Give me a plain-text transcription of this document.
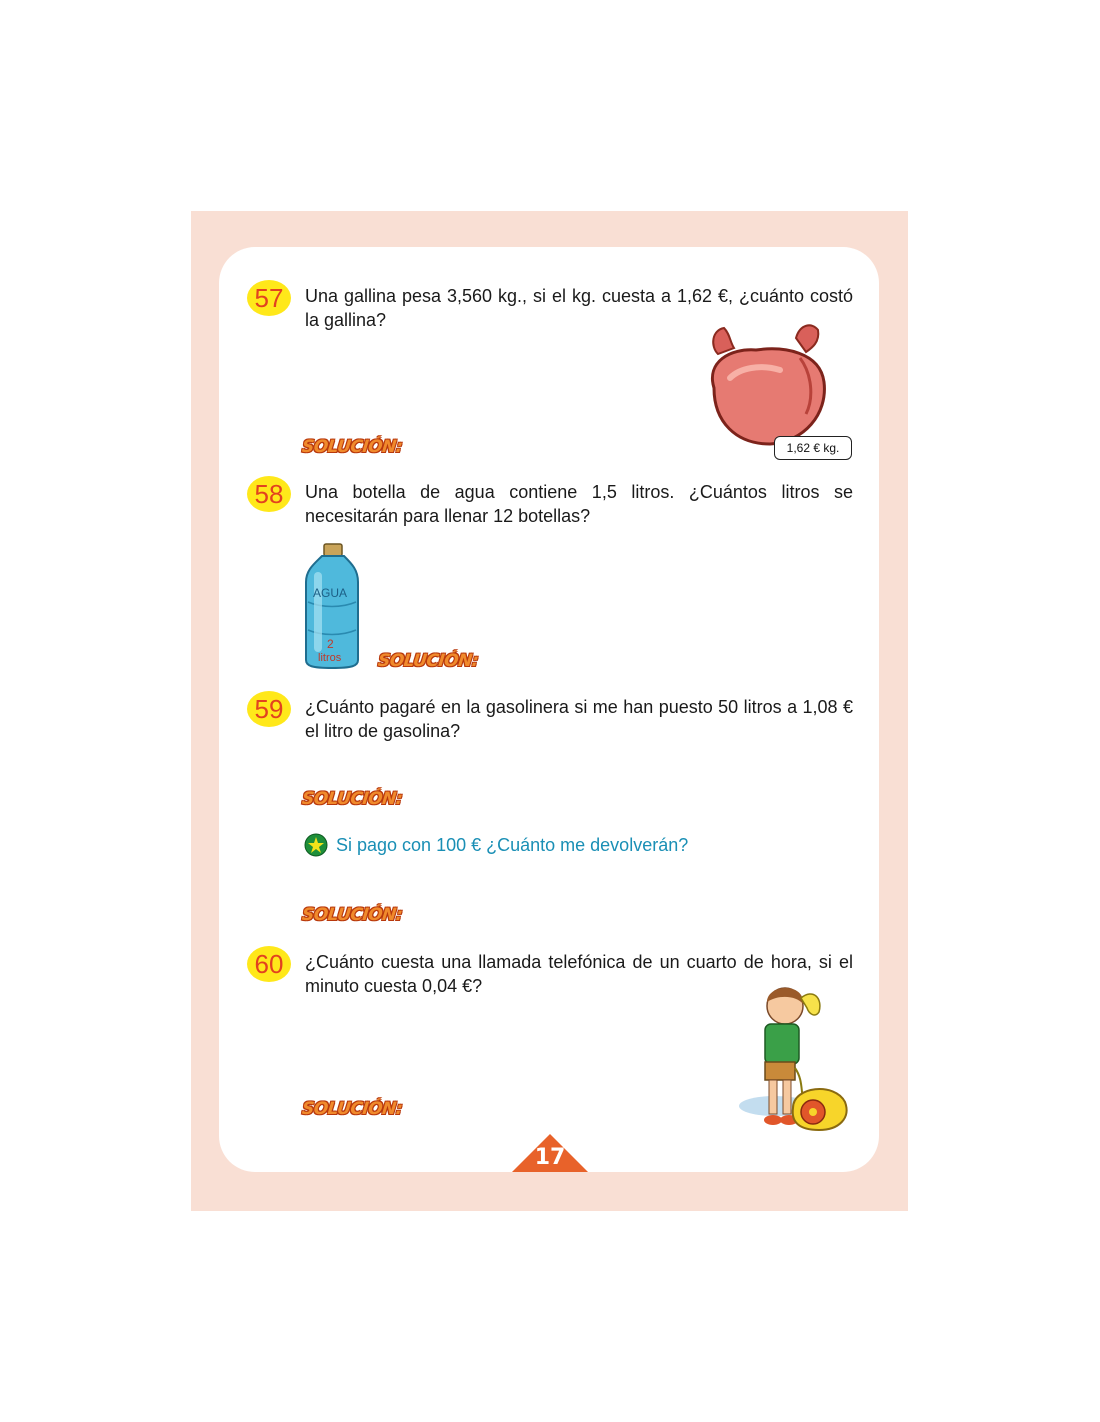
17
57	Una gallina pesa 3,560 kg., si el kg. cuesta a 1,62 €, ¿cuánto costó la gallina?
1,62 € kg.
SOLUCIÓN:
58	Una botella de agua contiene 1,5 litros. ¿Cuántos litros se necesitarán para llenar 12 botellas?
AGUA
2
litros SOLUCIÓN:
59	¿Cuánto pagaré en la gasolinera si me han puesto 50 litros a 1,08 € el litro de gasolina?
SOLUCIÓN:
Si pago con 100 € ¿Cuánto me devolverán?
SOLUCIÓN:
60	¿Cuánto cuesta una llamada telefónica de un cuarto de hora, si el minuto cuesta 0,04 €?
SOLUCIÓN:
